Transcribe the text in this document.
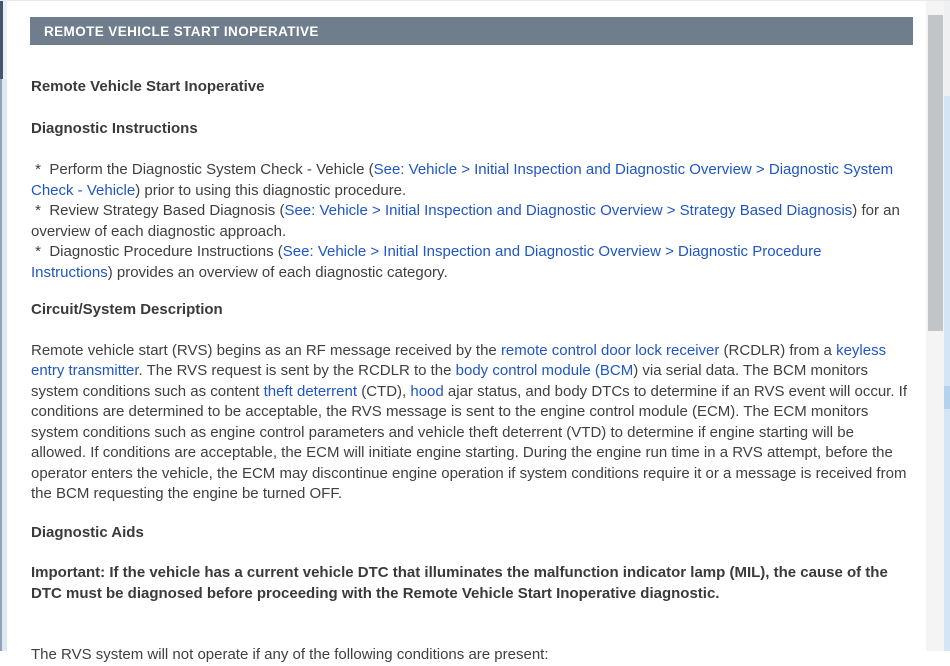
REMOTE VEHICLE START INOPERATIVE

Remote Vehicle Start Inoperative

Diagnostic Instructions

*  Perform the Diagnostic System Check - Vehicle (See: Vehicle > Initial Inspection and Diagnostic Overview > Diagnostic System Check - Vehicle) prior to using this diagnostic procedure.

*  Review Strategy Based Diagnosis (See: Vehicle > Initial Inspection and Diagnostic Overview > Strategy Based Diagnosis) for an overview of each diagnostic approach.

*  Diagnostic Procedure Instructions (See: Vehicle > Initial Inspection and Diagnostic Overview > Diagnostic Procedure Instructions) provides an overview of each diagnostic category.

Circuit/System Description

Remote vehicle start (RVS) begins as an RF message received by the remote control door lock receiver (RCDLR) from a keyless entry transmitter. The RVS request is sent by the RCDLR to the body control module (BCM) via serial data. The BCM monitors system conditions such as content theft deterrent (CTD), hood ajar status, and body DTCs to determine if an RVS event will occur. If conditions are determined to be acceptable, the RVS message is sent to the engine control module (ECM). The ECM monitors system conditions such as engine control parameters and vehicle theft deterrent (VTD) to determine if engine starting will be allowed. If conditions are acceptable, the ECM will initiate engine starting. During the engine run time in a RVS attempt, before the operator enters the vehicle, the ECM may discontinue engine operation if system conditions require it or a message is received from the BCM requesting the engine be turned OFF.

Diagnostic Aids

Important: If the vehicle has a current vehicle DTC that illuminates the malfunction indicator lamp (MIL), the cause of the DTC must be diagnosed before proceeding with the Remote Vehicle Start Inoperative diagnostic.

The RVS system will not operate if any of the following conditions are present:
